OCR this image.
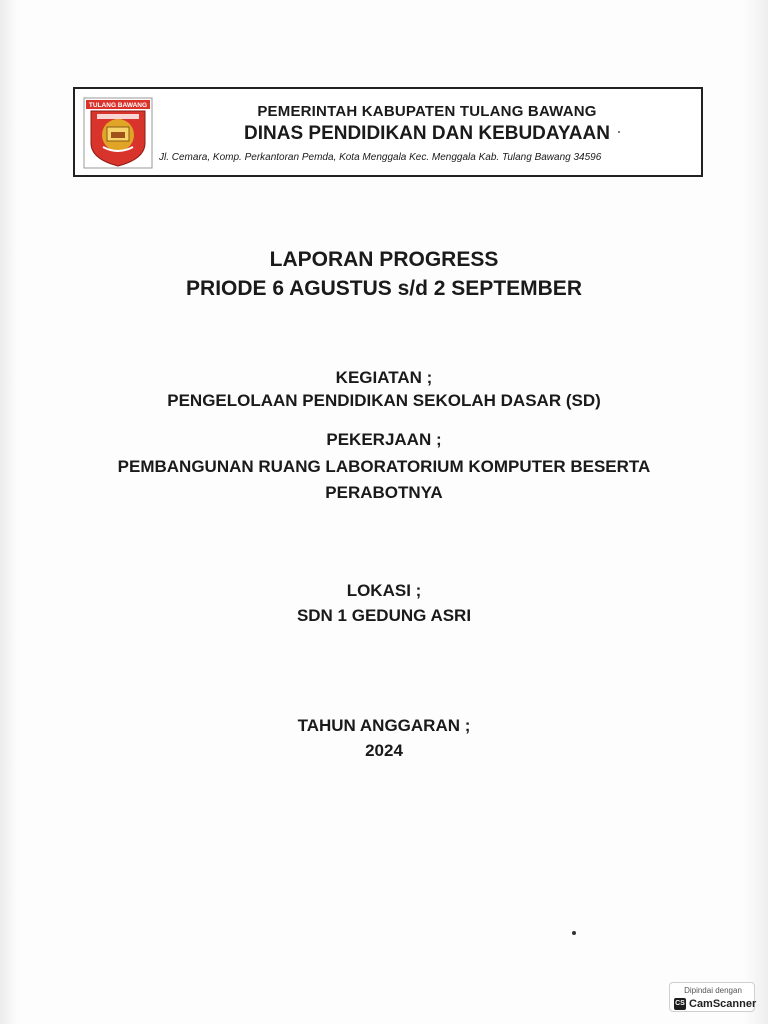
TULANG BAWANG	PEMERINTAH KABUPATEN TULANG BAWANG
DINAS PENDIDIKAN DAN KEBUDAYAAN
Jl. Cemara, Komp. Perkantoran Pemda, Kota Menggala Kec. Menggala Kab. Tulang Bawang 34596
LAPORAN PROGRESS
PRIODE 6 AGUSTUS s/d 2 SEPTEMBER
KEGIATAN ;
PENGELOLAAN PENDIDIKAN SEKOLAH DASAR (SD)
PEKERJAAN ;
PEMBANGUNAN RUANG LABORATORIUM KOMPUTER BESERTA
PERABOTNYA
LOKASI ;
SDN 1 GEDUNG ASRI
TAHUN ANGGARAN ;
2024
Dipindai dengan
CS CamScanner
